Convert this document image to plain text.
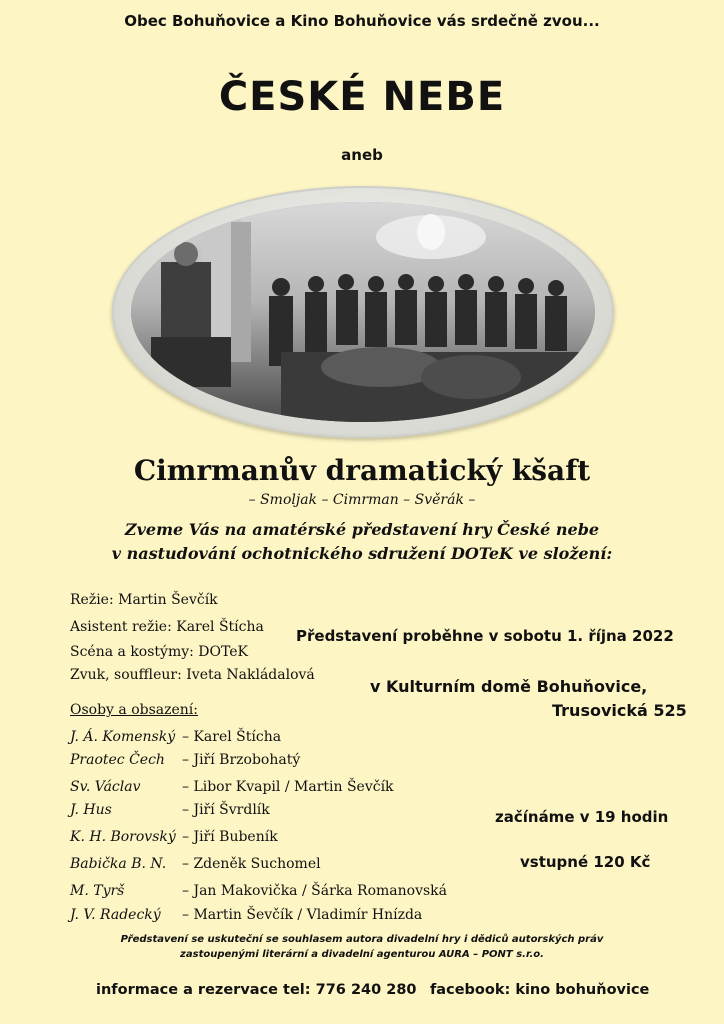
Obec Bohuňovice a Kino Bohuňovice vás srdečně zvou...
ČESKÉ NEBE
aneb
Cimrmanův dramatický kšaft
– Smoljak – Cimrman – Svěrák –
Zveme Vás na amatérské představení hry České nebe
v nastudování ochotnického sdružení DOTeK ve složení:
Režie: Martin Ševčík
Asistent režie: Karel Štícha
Scéna a kostýmy: DOTeK
Zvuk, souffleur: Iveta Nakládalová
Osoby a obsazení:
J. Á. Komenský – Karel Štícha
Praotec Čech – Jiří Brzobohatý
Sv. Václav	– Libor Kvapil / Martin Ševčík
J. Hus	– Jiří Švrdlík
K. H. Borovský – Jiří Bubeník
Babička B. N. – Zdeněk Suchomel
M. Tyrš	– Jan Makovička / Šárka Romanovská
J. V. Radecký – Martin Ševčík / Vladimír Hnízda
Představení proběhne v sobotu 1. října 2022
v Kulturním domě Bohuňovice,
Trusovická 525
začínáme v 19 hodin
vstupné 120 Kč
Představení se uskuteční se souhlasem autora divadelní hry i dědiců autorských práv
zastoupenými literární a divadelní agenturou AURA – PONT s.r.o.
informace a rezervace tel: 776 240 280 facebook: kino bohuňovice
